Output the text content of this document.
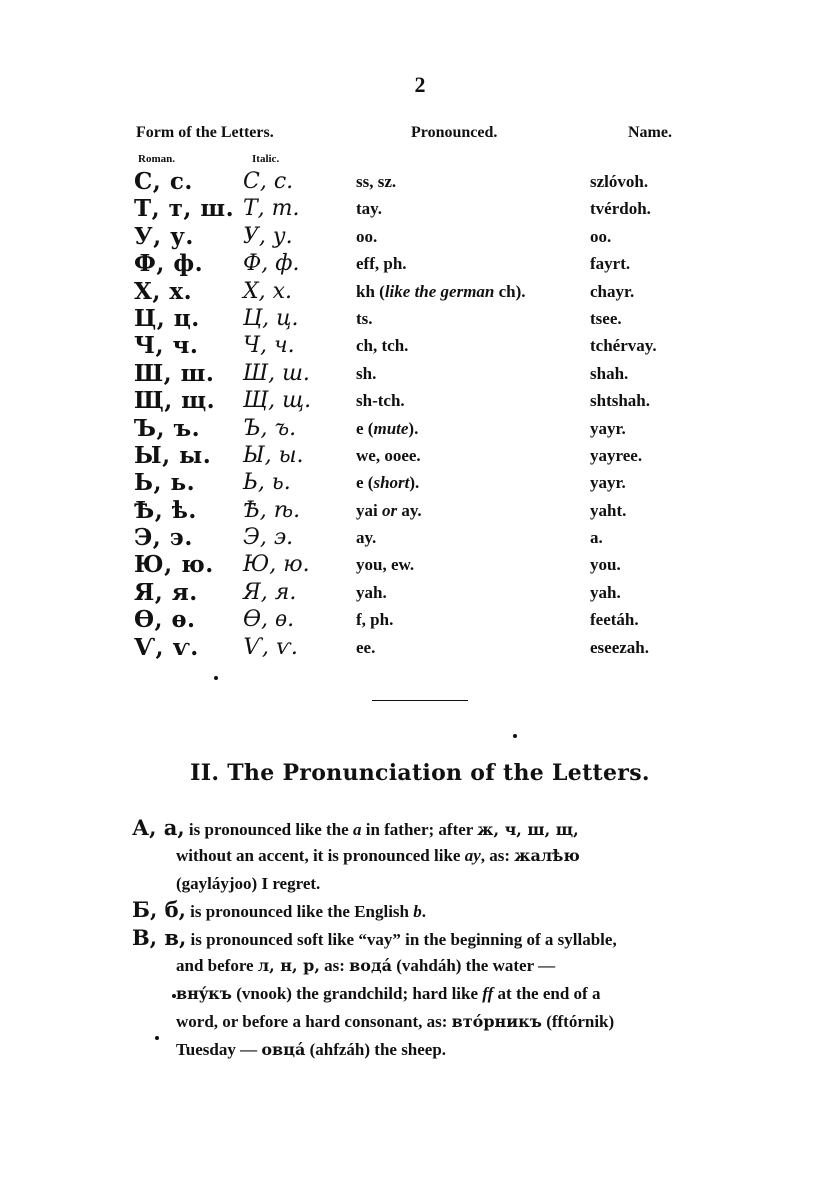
2
Form of the Letters.	Pronounced.	Name.
Roman.	Italic.
С, с. С, с.	ss, sz.	szlóvoh.
Т, т, ш. Т, т.	tay.	tvérdoh.
У, у. У, у.	oo.	oo.
Ф, ф. Ф, ф.	eff, ph.	fayrt.
Х, х. Х, х.	kh (like the german ch).	chayr.
Ц, ц. Ц, ц.	ts.	tsee.
Ч, ч. Ч, ч.	ch, tch.	tchérvay.
Ш, ш. Ш, ш.	sh.	shah.
Щ, щ. Щ, щ.	sh-tch.	shtshah.
Ъ, ъ. Ъ, ъ.	e (mute).	yayr.
Ы, ы. Ы, ы.	we, ooee.	yayree.
Ь, ь. Ь, ь.	e (short).	yayr.
Ѣ, ѣ. Ѣ, ѣ.	yai or ay.	yaht.
Э, э. Э, э.	ay.	a.
Ю, ю. Ю, ю.	you, ew.	you.
Я, я. Я, я.	yah.	yah.
Ѳ, ѳ. Ѳ, ѳ.	f, ph.	feetáh.
Ѵ, ѵ. Ѵ, ѵ.	ee.	eseezah.
II. The Pronunciation of the Letters.
А, а, is pronounced like the a in father; after ж, ч, ш, щ,
without an accent, it is pronounced like ay, as: жалѣю
(gayláyjoo) I regret.
Б, б, is pronounced like the English b.
В, в, is pronounced soft like “vay” in the beginning of a syllable,
and before л, н, р, as: вода́ (vahdáh) the water —
внýкъ (vnook) the grandchild; hard like ff at the end of a
word, or before a hard consonant, as: вто́рникъ (fftórnik)
Tuesday — овца́ (ahfzáh) the sheep.
